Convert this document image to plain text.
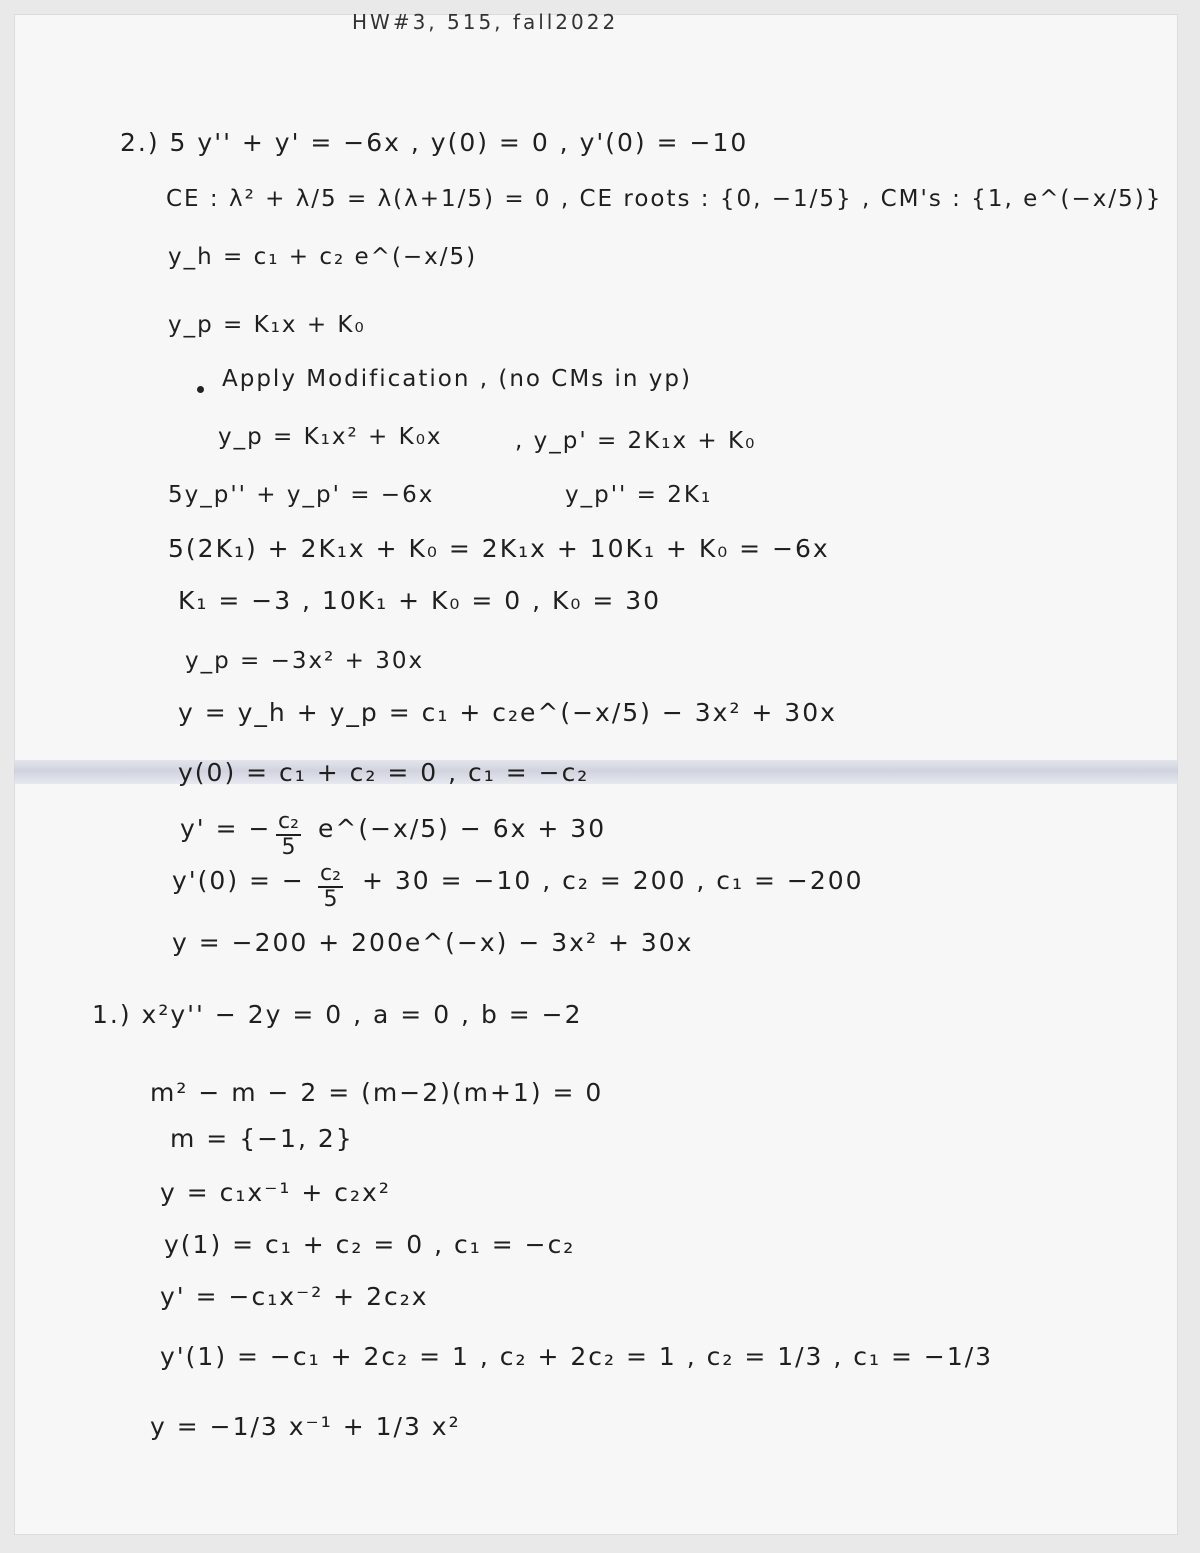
HW#3, 515, fall2022
2.) 5 y'' + y' = −6x , y(0) = 0 , y'(0) = −10
CE : λ² + λ/5 = λ(λ+1/5) = 0 , CE roots : {0, −1/5} , CM's : {1, e^(−x/5)}
y_h = c₁ + c₂ e^(−x/5)
y_p = K₁x + K₀
Apply Modification , (no CMs in yp)
y_p = K₁x² + K₀x	, y_p' = 2K₁x + K₀
5y_p'' + y_p' = −6x	y_p'' = 2K₁
5(2K₁) + 2K₁x + K₀ = 2K₁x + 10K₁ + K₀ = −6x
K₁ = −3 , 10K₁ + K₀ = 0 , K₀ = 30
y_p = −3x² + 30x
y = y_h + y_p = c₁ + c₂e^(−x/5) − 3x² + 30x
y(0) = c₁ + c₂ = 0 , c₁ = −c₂
y' = − $\frac{\text{c₂}}{5}$ e^(−x/5) − 6x + 30
y'(0) = − $\frac{\text{c₂}}{5} + 30 = -10$ , c₂ = 200 , c₁ = −200
y = −200 + 200e^(−x) − 3x² + 30x
1.) x²y'' − 2y = 0 , a = 0 , b = −2
m² − m − 2 = (m−2)(m+1) = 0
m = {−1, 2}
y = c₁x⁻¹ + c₂x²
y(1) = c₁ + c₂ = 0 , c₁ = −c₂
y' = −c₁x⁻² + 2c₂x
y'(1) = −c₁ + 2c₂ = 1 , c₂ + 2c₂ = 1 , c₂ = 1/3 , c₁ = −1/3
y = −1/3 x⁻¹ + 1/3 x²
